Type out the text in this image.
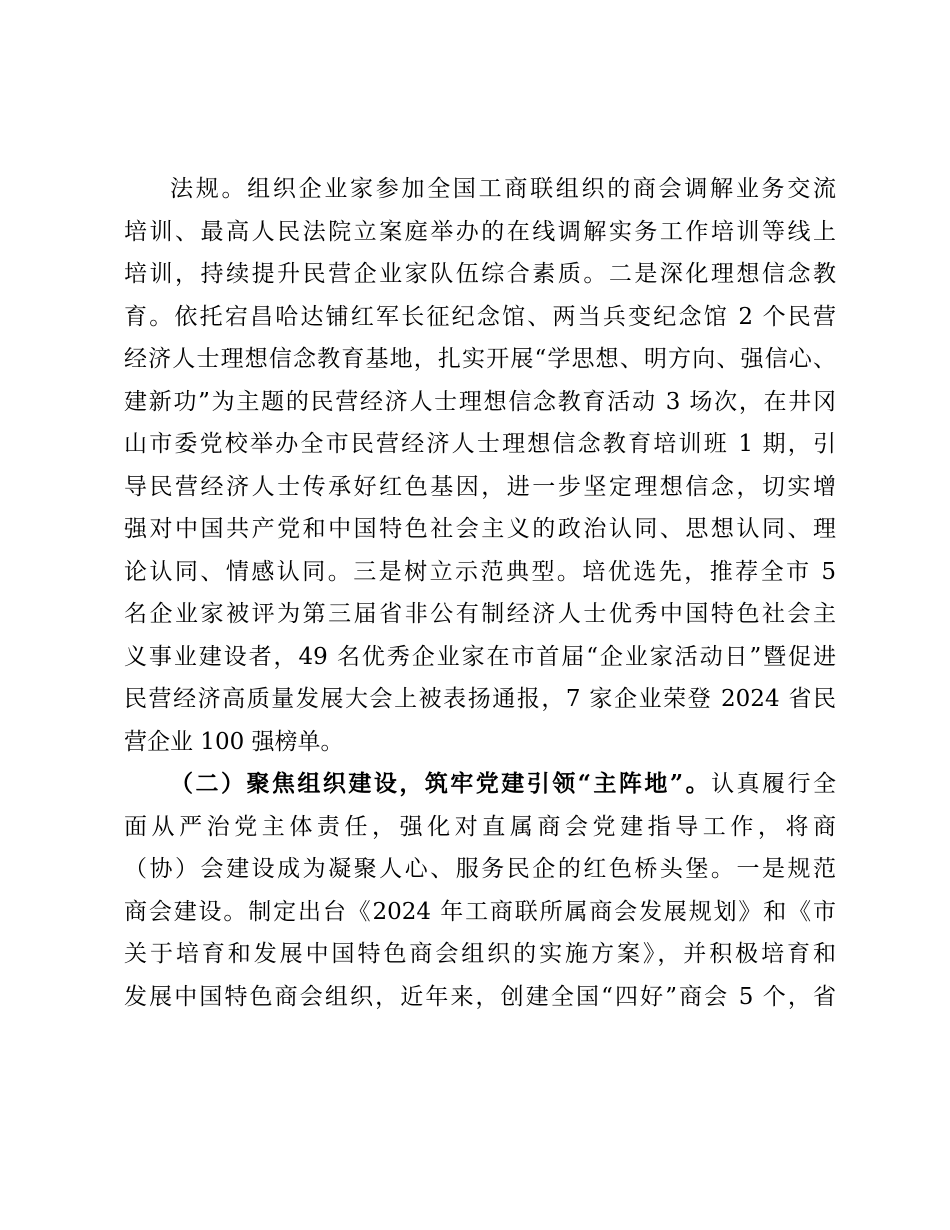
法规。组织企业家参加全国工商联组织的商会调解业务交流
培训、最高人民法院立案庭举办的在线调解实务工作培训等线上
培训，持续提升民营企业家队伍综合素质。二是深化理想信念教
育。依托宕昌哈达铺红军长征纪念馆、两当兵变纪念馆 2 个民营
经济人士理想信念教育基地，扎实开展“学思想、明方向、强信心、
建新功”为主题的民营经济人士理想信念教育活动 3 场次，在井冈
山市委党校举办全市民营经济人士理想信念教育培训班 1 期，引
导民营经济人士传承好红色基因，进一步坚定理想信念，切实增
强对中国共产党和中国特色社会主义的政治认同、思想认同、理
论认同、情感认同。三是树立示范典型。培优选先，推荐全市 5
名企业家被评为第三届省非公有制经济人士优秀中国特色社会主
义事业建设者，49 名优秀企业家在市首届“企业家活动日”暨促进
民营经济高质量发展大会上被表扬通报，7 家企业荣登 2024 省民
营企业 100 强榜单。
（二）聚焦组织建设，筑牢党建引领“主阵地”。认真履行全
面从严治党主体责任，强化对直属商会党建指导工作，将商
（协）会建设成为凝聚人心、服务民企的红色桥头堡。一是规范
商会建设。制定出台《2024 年工商联所属商会发展规划》和《市
关于培育和发展中国特色商会组织的实施方案》，并积极培育和
发展中国特色商会组织，近年来，创建全国“四好”商会 5 个，省
